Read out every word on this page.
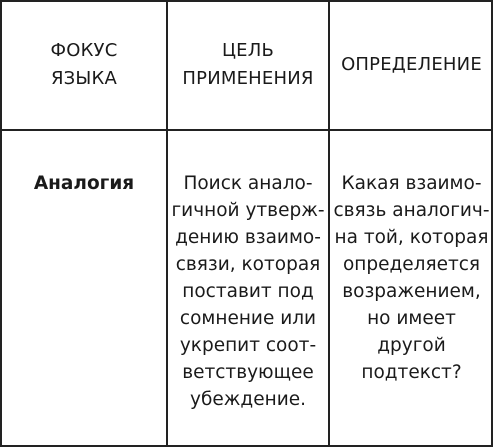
ФОКУС
ЯЗЫКА
ЦЕЛЬ
ПРИМЕНЕНИЯ
ОПРЕДЕЛЕНИЕ
Аналогия	Поиск анало-
гичной утверж-
дению взаимо-
связи, которая
поставит под
сомнение или
укрепит соот-
ветствующее
убеждение.
Какая взаимо-
связь аналогич-
на той, которая
определяется
возражением,
но имеет другой
подтекст?
